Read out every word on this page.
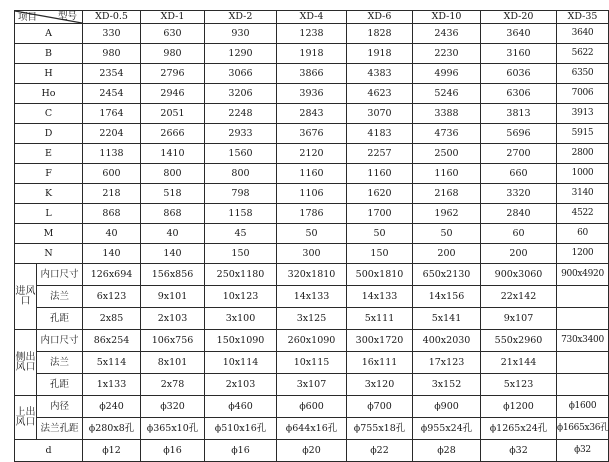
型号
项目		XD-0.5	XD-1	XD-2	XD-4	XD-6	XD-10	XD-20	XD-35
A		330	630	930	1238	1828	2436	3640	3640
B		980	980	1290	1918	1918	2230	3160	5622
H		2354	2796	3066	3866	4383	4996	6036	6350
Ho		2454	2946	3206	3936	4623	5246	6306	7006
C		1764	2051	2248	2843	3070	3388	3813	3913
D		2204	2666	2933	3676	4183	4736	5696	5915
E		1138	1410	1560	2120	2257	2500	2700	2800
F		600	800	800	1160	1160	1160	660	1000
K		218	518	798	1106	1620	2168	3320	3140
L		868	868	1158	1786	1700	1962	2840	4522
M		40	40	45	50	50	50	60	60
N		140	140	150	300	150	200	200	1200
进风口	内口尺寸	126x694	156x856	250x1180	320x1810	500x1810	650x2130	900x3060	900x4920
	法兰	6x123	9x101	10x123	14x133	14x133	14x156	22x142	
	孔距	2x85	2x103	3x100	3x125	5x111	5x141	9x107	
侧出风口	内口尺寸	86x254	106x756	150x1090	260x1090	300x1720	400x2030	550x2960	730x3400
	法兰	5x114	8x101	10x114	10x115	16x111	17x123	21x144	
	孔距	1x133	2x78	2x103	3x107	3x120	3x152	5x123	
上出风口	内径	ϕ240	ϕ320	ϕ460	ϕ600	ϕ700	ϕ900	ϕ1200	ϕ1600
	法兰孔距	ϕ280x8孔	ϕ365x10孔	ϕ510x16孔	ϕ644x16孔	ϕ755x18孔	ϕ955x24孔	ϕ1265x24孔	ϕ1665x36孔
d		ϕ12	ϕ16	ϕ16	ϕ20	ϕ22	ϕ28	ϕ32	ϕ32
